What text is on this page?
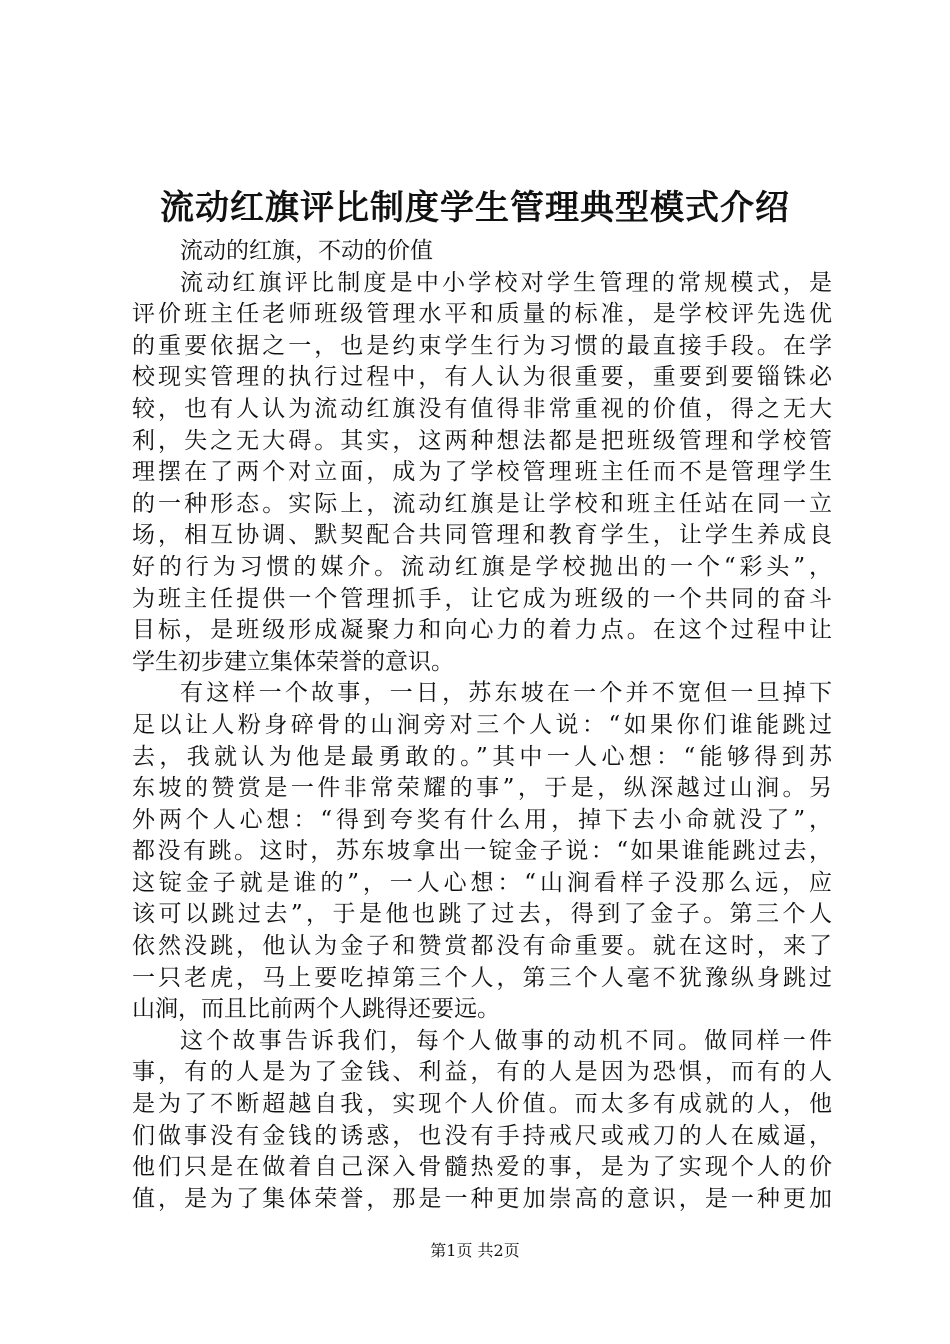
流动红旗评比制度学生管理典型模式介绍
流动的红旗，不动的价值
流动红旗评比制度是中小学校对学生管理的常规模式，是
评价班主任老师班级管理水平和质量的标准，是学校评先选优
的重要依据之一，也是约束学生行为习惯的最直接手段。在学
校现实管理的执行过程中，有人认为很重要，重要到要锱铢必
较，也有人认为流动红旗没有值得非常重视的价值，得之无大
利，失之无大碍。其实，这两种想法都是把班级管理和学校管
理摆在了两个对立面，成为了学校管理班主任而不是管理学生
的一种形态。实际上，流动红旗是让学校和班主任站在同一立
场，相互协调、默契配合共同管理和教育学生，让学生养成良
好的行为习惯的媒介。流动红旗是学校抛出的一个“彩头”，
为班主任提供一个管理抓手，让它成为班级的一个共同的奋斗
目标，是班级形成凝聚力和向心力的着力点。在这个过程中让
学生初步建立集体荣誉的意识。
有这样一个故事，一日，苏东坡在一个并不宽但一旦掉下
足以让人粉身碎骨的山涧旁对三个人说：“如果你们谁能跳过
去，我就认为他是最勇敢的。”其中一人心想：“能够得到苏
东坡的赞赏是一件非常荣耀的事”，于是，纵深越过山涧。另
外两个人心想：“得到夸奖有什么用，掉下去小命就没了”，
都没有跳。这时，苏东坡拿出一锭金子说：“如果谁能跳过去，
这锭金子就是谁的”，一人心想：“山涧看样子没那么远，应
该可以跳过去”，于是他也跳了过去，得到了金子。第三个人
依然没跳，他认为金子和赞赏都没有命重要。就在这时，来了
一只老虎，马上要吃掉第三个人，第三个人毫不犹豫纵身跳过
山涧，而且比前两个人跳得还要远。
这个故事告诉我们，每个人做事的动机不同。做同样一件
事，有的人是为了金钱、利益，有的人是因为恐惧，而有的人
是为了不断超越自我，实现个人价值。而太多有成就的人，他
们做事没有金钱的诱惑，也没有手持戒尺或戒刀的人在威逼，
他们只是在做着自己深入骨髓热爱的事，是为了实现个人的价
值，是为了集体荣誉，那是一种更加崇高的意识，是一种更加
第1页 共2页
